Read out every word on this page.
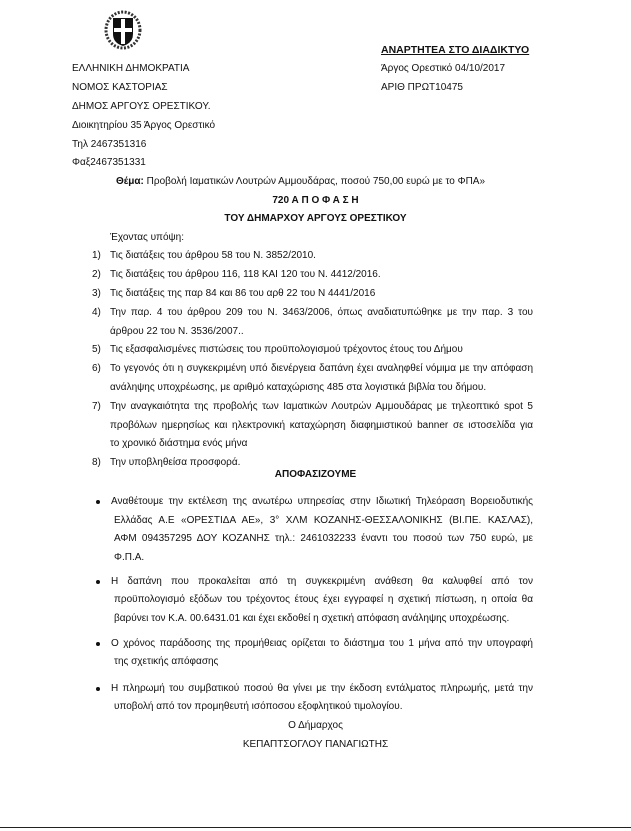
ΑΝΑΡΤΗΤΕΑ ΣΤΟ ΔΙΑΔΙΚΤΥΟ
Άργος Ορεστικό 04/10/2017
ΑΡΙΘ ΠΡΩΤ10475
ΕΛΛΗΝΙΚΗ ΔΗΜΟΚΡΑΤΙΑ
ΝΟΜΟΣ ΚΑΣΤΟΡΙΑΣ
ΔΗΜΟΣ ΑΡΓΟΥΣ ΟΡΕΣΤΙΚΟΥ.
Διοικητηρίου 35 Άργος Ορεστικό
Τηλ 2467351316
Φαξ2467351331
Θέμα: Προβολή Ιαματικών Λουτρών Αμμουδάρας, ποσού 750,00 ευρώ με το ΦΠΑ»
720 Α Π Ο Φ Α Σ Η
ΤΟΥ ΔΗΜΑΡΧΟΥ ΑΡΓΟΥΣ ΟΡΕΣΤΙΚΟΥ
Έχοντας υπόψη:
1) Τις διατάξεις του άρθρου 58 του Ν. 3852/2010.
2) Τις διατάξεις του άρθρου 116, 118 ΚΑΙ 120 του Ν. 4412/2016.
3) Τις διατάξεις της παρ 84 και 86 του αρθ 22 του Ν 4441/2016
4) Την παρ. 4 του άρθρου 209 του Ν. 3463/2006, όπως αναδιατυπώθηκε με την παρ. 3 του
άρθρου 22 του Ν. 3536/2007..
5) Τις εξασφαλισμένες πιστώσεις του προϋπολογισμού τρέχοντος έτους του Δήμου
6) Το γεγονός ότι η συγκεκριμένη υπό διενέργεια δαπάνη έχει αναληφθεί νόμιμα με την απόφαση
ανάληψης υποχρέωσης, με αριθμό καταχώρισης 485 στα λογιστικά βιβλία του δήμου.
7) Την αναγκαιότητα της προβολής των Ιαματικών Λουτρών Αμμουδάρας με τηλεοπτικό spot 5
προβόλων ημερησίως και ηλεκτρονική καταχώρηση διαφημιστικού banner σε ιστοσελίδα για
το χρονικό διάστημα ενός μήνα
8) Την υποβληθείσα προσφορά.
ΑΠΟΦΑΣΙΖΟΥΜΕ
Αναθέτουμε την εκτέλεση της ανωτέρω υπηρεσίας στην Ιδιωτική Τηλεόραση Βορειοδυτικής
Ελλάδας Α.Ε «ΟΡΕΣΤΙΔΑ ΑΕ», 3° ΧΛΜ ΚΟΖΑΝΗΣ-ΘΕΣΣΑΛΟΝΙΚΗΣ (ΒΙ.ΠΕ. ΚΑΣΛΑΣ),
ΑΦΜ 094357295 ΔΟΥ ΚΟΖΑΝΗΣ τηλ.: 2461032233 έναντι του ποσού των 750 ευρώ, με
Φ.Π.Α.
Η δαπάνη που προκαλείται από τη συγκεκριμένη ανάθεση θα καλυφθεί από τον
προϋπολογισμό εξόδων του τρέχοντος έτους έχει εγγραφεί η σχετική πίστωση, η οποία θα
βαρύνει τον Κ.Α. 00.6431.01 και έχει εκδοθεί η σχετική απόφαση ανάληψης υποχρέωσης.
Ο χρόνος παράδοσης της προμήθειας ορίζεται το διάστημα του 1 μήνα από την υπογραφή
της σχετικής απόφασης
Η πληρωμή του συμβατικού ποσού θα γίνει με την έκδοση εντάλματος πληρωμής, μετά την
υποβολή από τον προμηθευτή ισόποσου εξοφλητικού τιμολογίου.
Ο Δήμαρχος
ΚΕΠΑΠΤΣΟΓΛΟΥ ΠΑΝΑΓΙΩΤΗΣ
